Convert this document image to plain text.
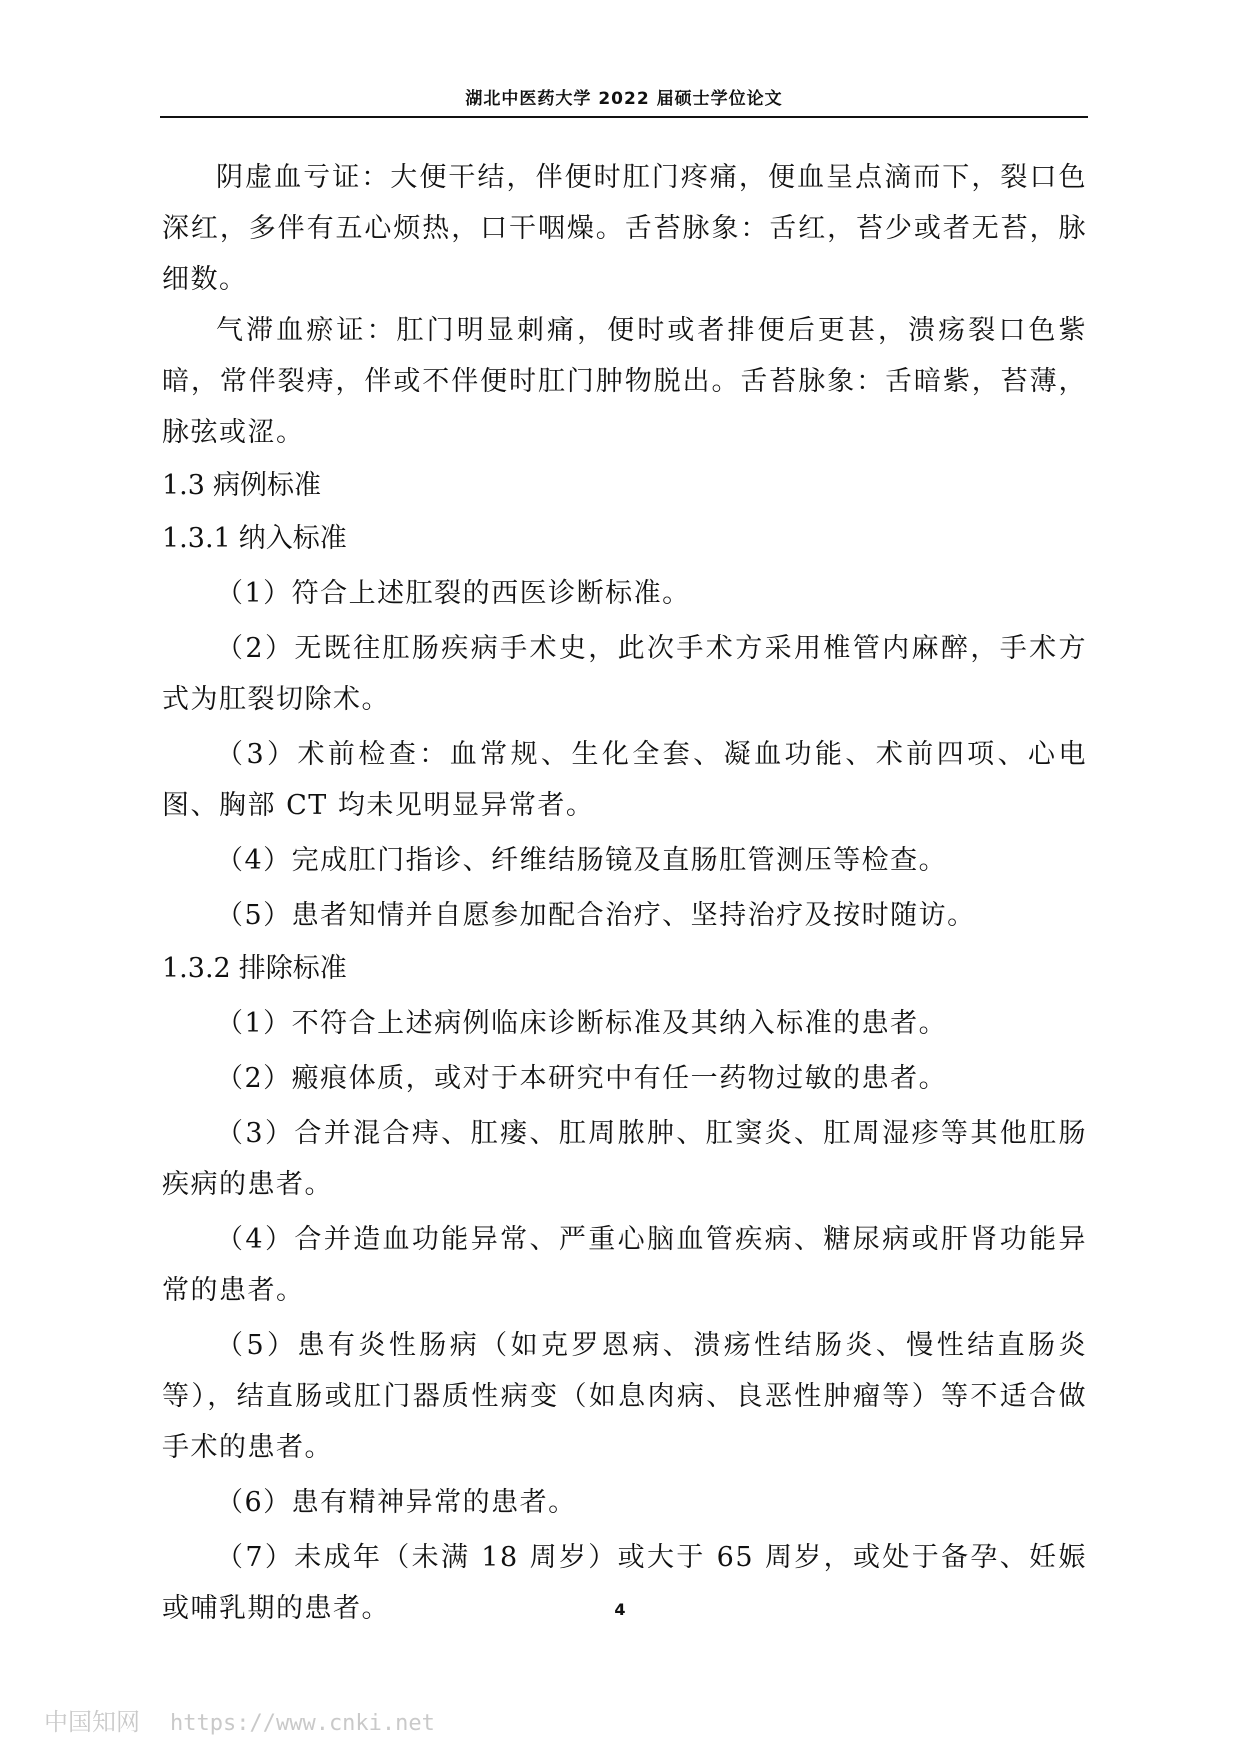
湖北中医药大学 2022 届硕士学位论文

阴虚血亏证：大便干结，伴便时肛门疼痛，便血呈点滴而下，裂口色深红，多伴有五心烦热，口干咽燥。舌苔脉象：舌红，苔少或者无苔，脉细数。

气滞血瘀证：肛门明显刺痛，便时或者排便后更甚，溃疡裂口色紫暗，常伴裂痔，伴或不伴便时肛门肿物脱出。舌苔脉象：舌暗紫，苔薄，脉弦或涩。

1.3 病例标准
1.3.1 纳入标准

（1）符合上述肛裂的西医诊断标准。

（2）无既往肛肠疾病手术史，此次手术方采用椎管内麻醉，手术方式为肛裂切除术。

（3）术前检查：血常规、生化全套、凝血功能、术前四项、心电图、胸部 CT 均未见明显异常者。

（4）完成肛门指诊、纤维结肠镜及直肠肛管测压等检查。

（5）患者知情并自愿参加配合治疗、坚持治疗及按时随访。

1.3.2 排除标准

（1）不符合上述病例临床诊断标准及其纳入标准的患者。

（2）瘢痕体质，或对于本研究中有任一药物过敏的患者。

（3）合并混合痔、肛瘘、肛周脓肿、肛窦炎、肛周湿疹等其他肛肠疾病的患者。

（4）合并造血功能异常、严重心脑血管疾病、糖尿病或肝肾功能异常的患者。

（5）患有炎性肠病（如克罗恩病、溃疡性结肠炎、慢性结直肠炎等），结直肠或肛门器质性病变（如息肉病、良恶性肿瘤等）等不适合做手术的患者。

（6）患有精神异常的患者。

（7）未成年（未满 18 周岁）或大于 65 周岁，或处于备孕、妊娠或哺乳期的患者。	4
中国知网 https://www.cnki.net
